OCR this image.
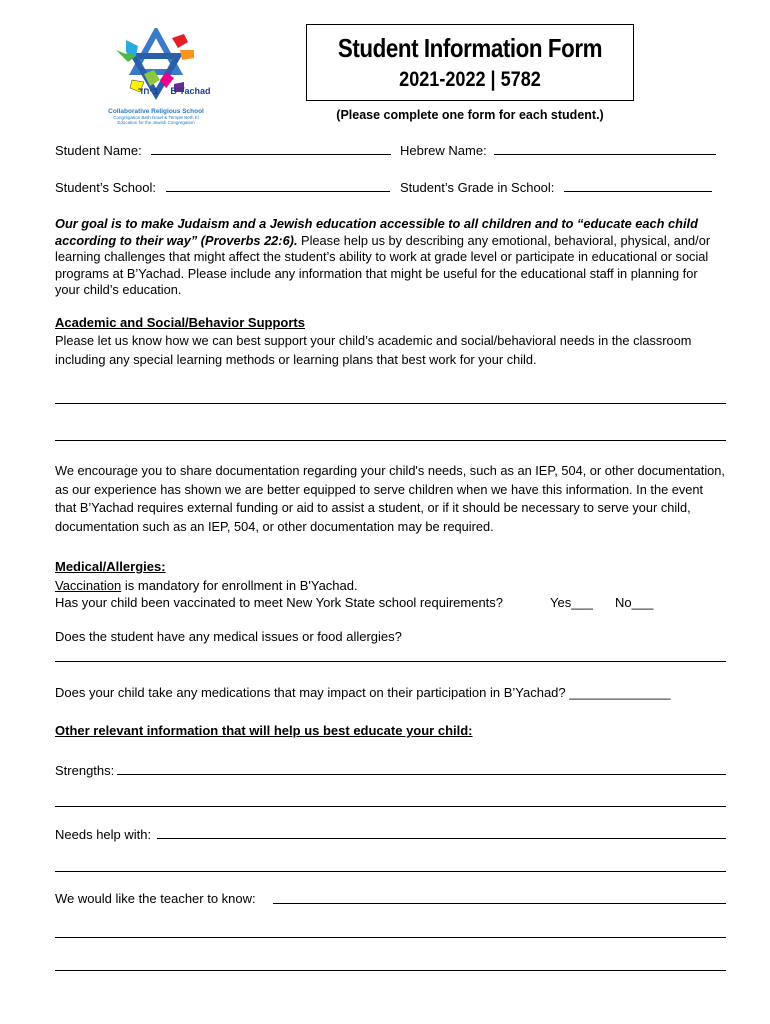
ביחד B'Yachad
Collaborative Religious School
Congregation Beth Israel & Temple Beth El
Education for the Jewish Congregation
Student Information Form
2021-2022 | 5782
(Please complete one form for each student.)
Student Name:	Hebrew Name:
Student’s School:	Student’s Grade in School:

Our goal is to make Judaism and a Jewish education accessible to all children and to “educate each child according to their way” (Proverbs 22:6). Please help us by describing any emotional, behavioral, physical, and/or learning challenges that might affect the student’s ability to work at grade level or participate in educational or social programs at B’Yachad. Please include any information that might be useful for the educational staff in planning for your child’s education.

Academic and Social/Behavior Supports
Please let us know how we can best support your child’s academic and social/behavioral needs in the classroom including any special learning methods or learning plans that best work for your child.
We encourage you to share documentation regarding your child's needs, such as an IEP, 504, or other documentation, as our experience has shown we are better equipped to serve children when we have this information. In the event that B’Yachad requires external funding or aid to assist a student, or if it should be necessary to serve your child, documentation such as an IEP, 504, or other documentation may be required.
Medical/Allergies:
Vaccination is mandatory for enrollment in B'Yachad.
Has your child been vaccinated to meet New York State school requirements?	Yes___ No___
Does the student have any medical issues or food allergies?
Does your child take any medications that may impact on their participation in B’Yachad? ______________
Other relevant information that will help us best educate your child:
Strengths:
Needs help with:
We would like the teacher to know:
